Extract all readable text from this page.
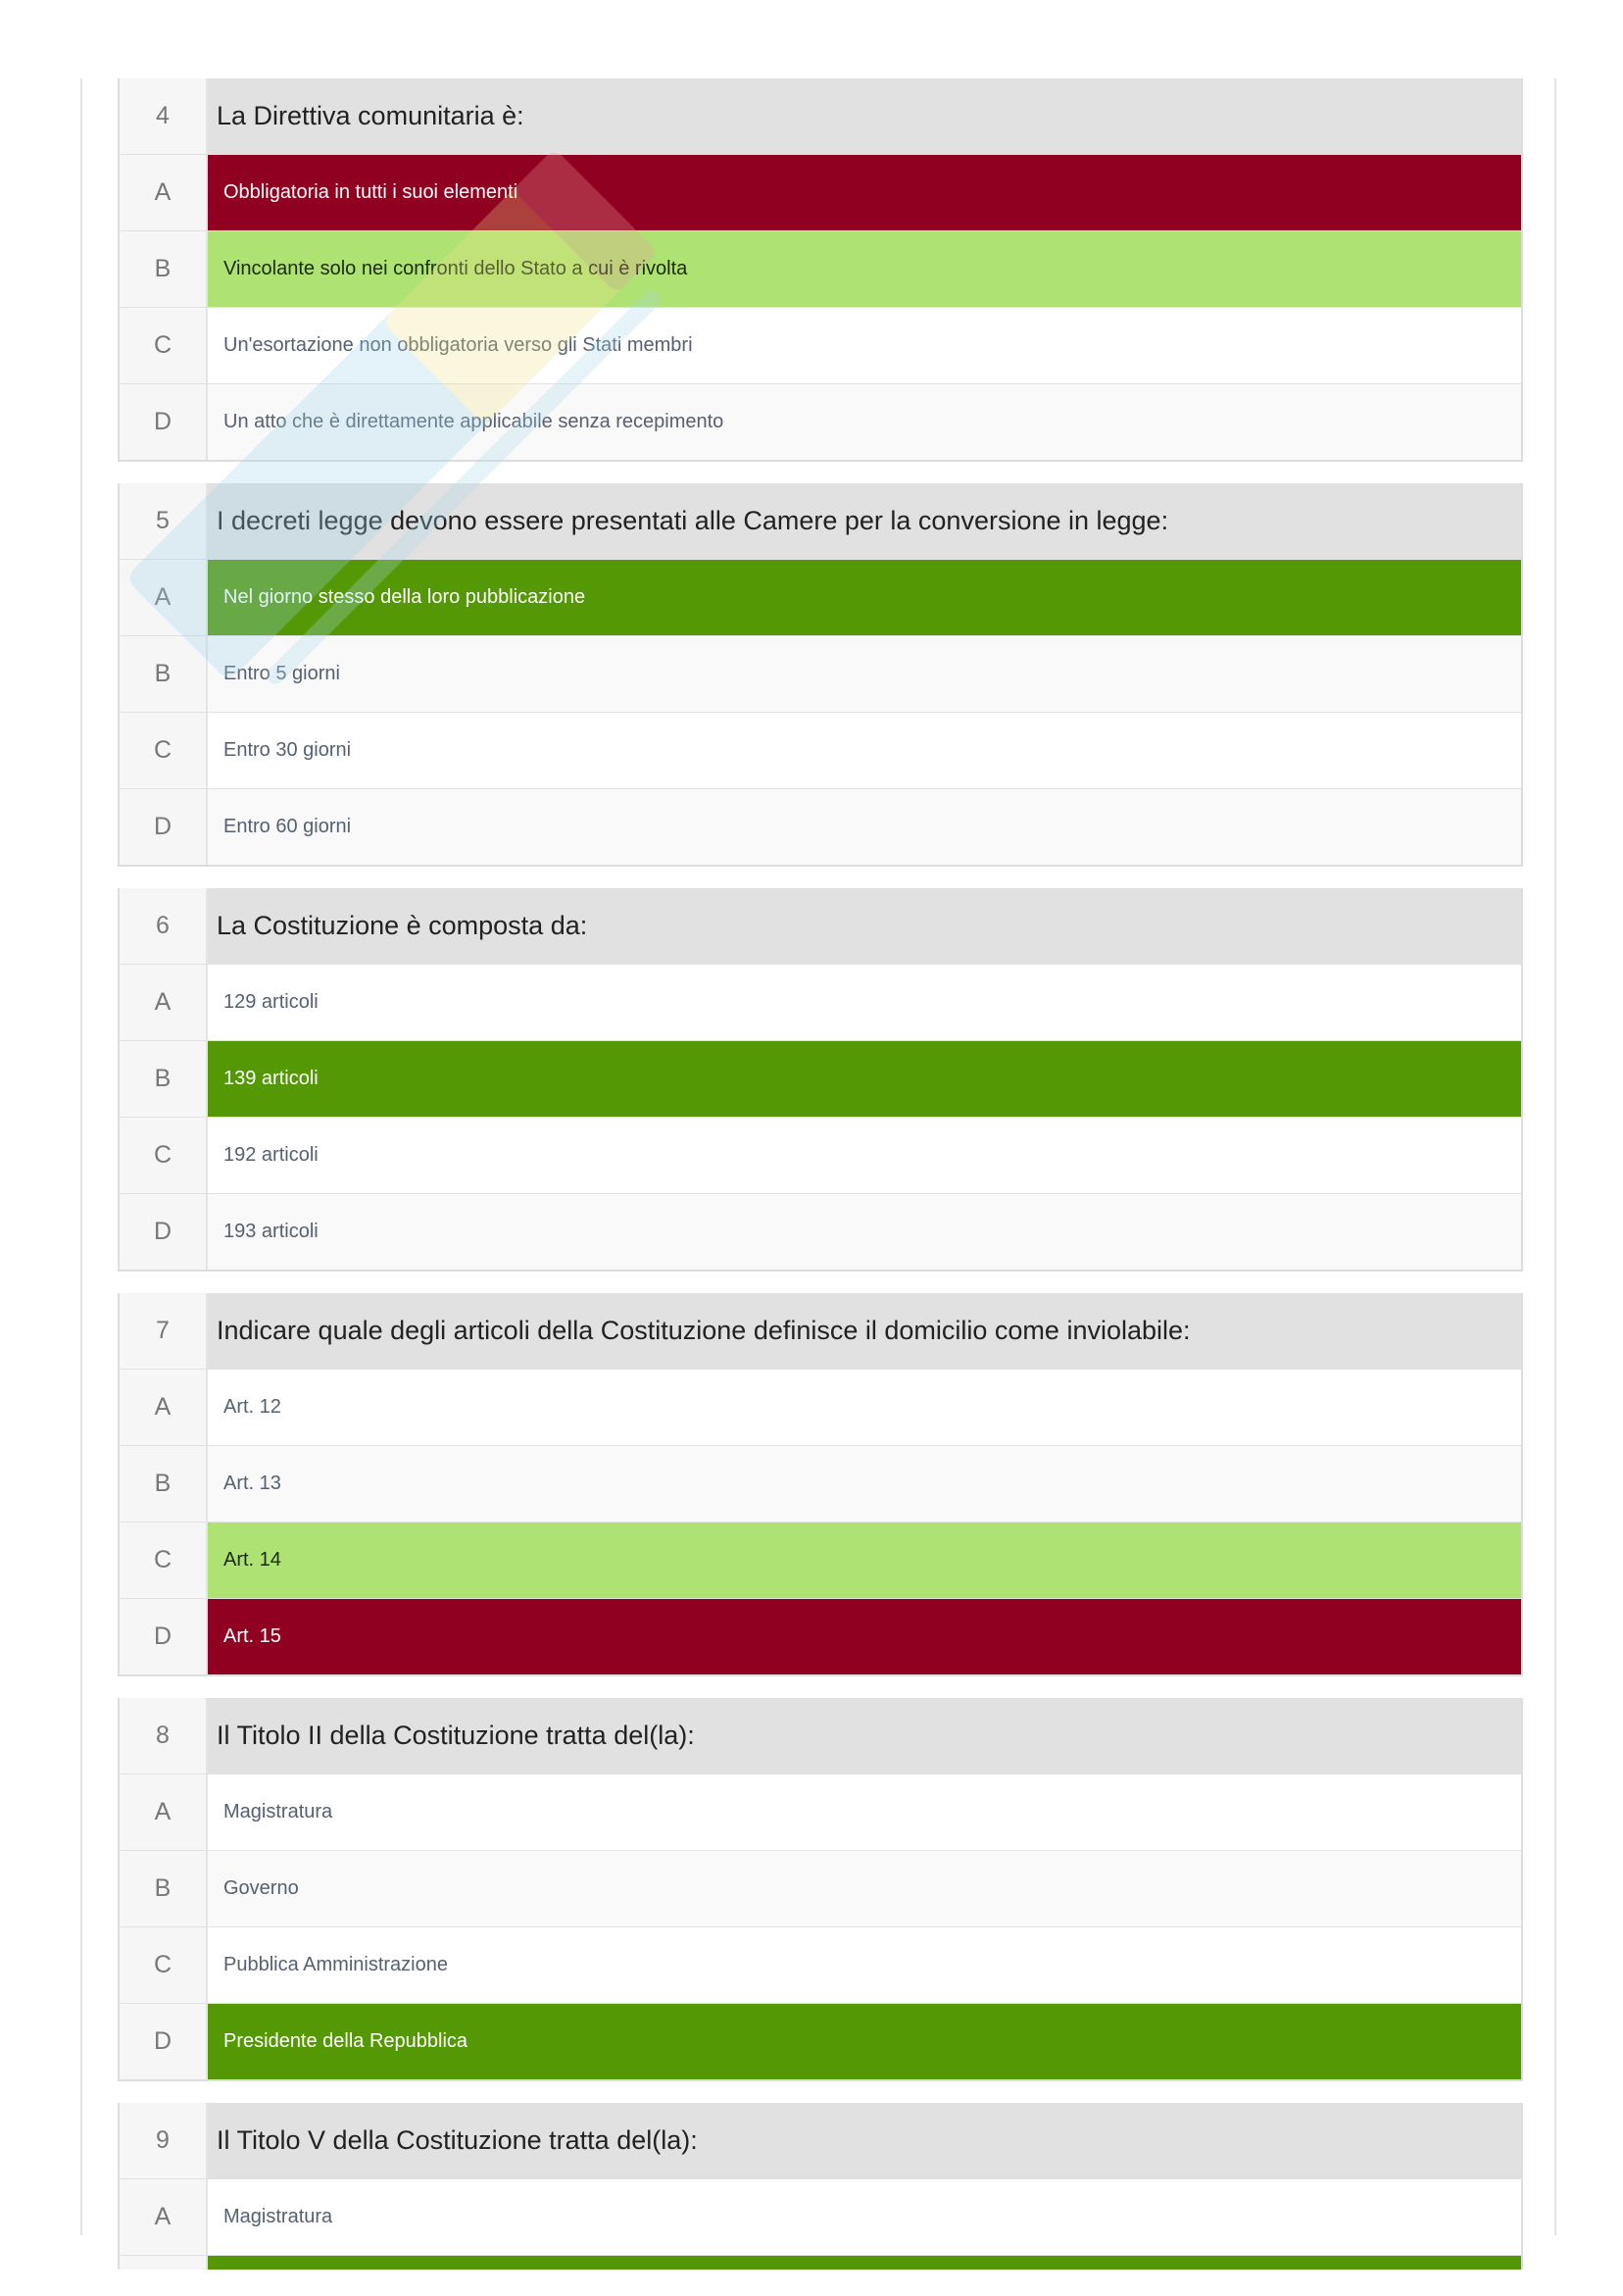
4	La Direttiva comunitaria è:
A	Obbligatoria in tutti i suoi elementi
B	Vincolante solo nei confronti dello Stato a cui è rivolta
C	Un'esortazione non obbligatoria verso gli Stati membri
D	Un atto che è direttamente applicabile senza recepimento
5	I decreti legge devono essere presentati alle Camere per la conversione in legge:
A	Nel giorno stesso della loro pubblicazione
B	Entro 5 giorni
C	Entro 30 giorni
D	Entro 60 giorni
6	La Costituzione è composta da:
A	129 articoli
B	139 articoli
C	192 articoli
D	193 articoli
7	Indicare quale degli articoli della Costituzione definisce il domicilio come inviolabile:
A	Art. 12
B	Art. 13
C	Art. 14
D	Art. 15
8	Il Titolo II della Costituzione tratta del(la):
A	Magistratura
B	Governo
C	Pubblica Amministrazione
D	Presidente della Repubblica
9	Il Titolo V della Costituzione tratta del(la):
A	Magistratura
